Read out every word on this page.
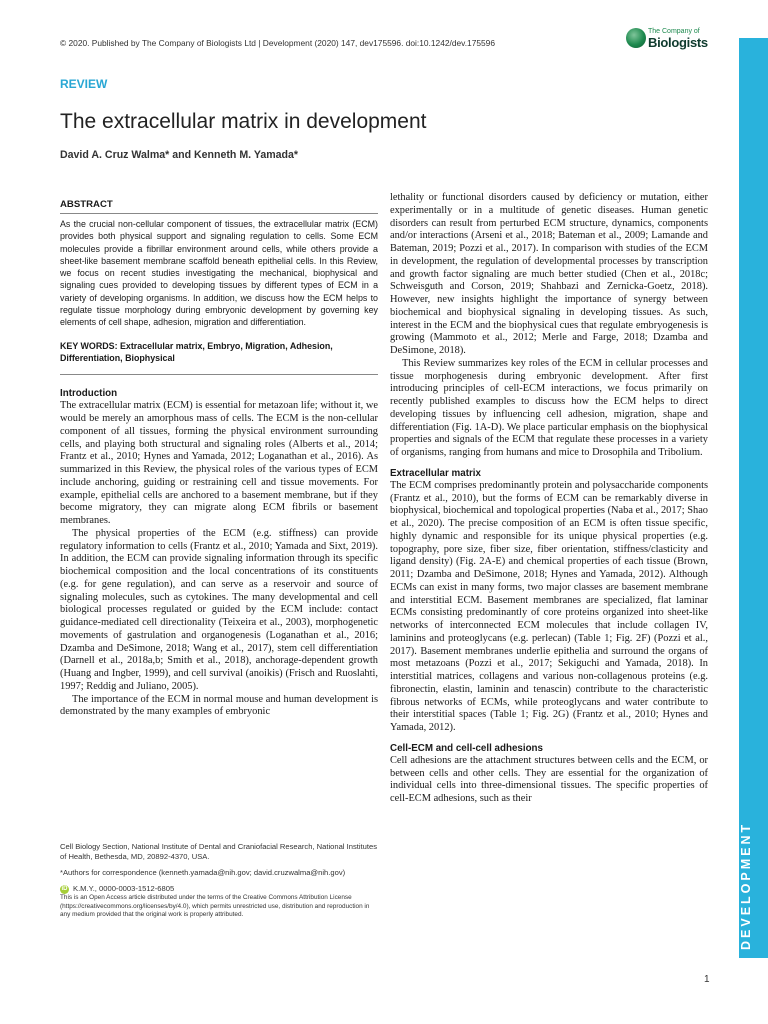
© 2020. Published by The Company of Biologists Ltd | Development (2020) 147, dev175596. doi:10.1242/dev.175596
The Company of
Biologists
REVIEW
The extracellular matrix in development
David A. Cruz Walma* and Kenneth M. Yamada*
ABSTRACT

As the crucial non-cellular component of tissues, the extracellular matrix (ECM) provides both physical support and signaling regulation to cells. Some ECM molecules provide a fibrillar environment around cells, while others provide a sheet-like basement membrane scaffold beneath epithelial cells. In this Review, we focus on recent studies investigating the mechanical, biophysical and signaling cues provided to developing tissues by different types of ECM in a variety of developing organisms. In addition, we discuss how the ECM helps to regulate tissue morphology during embryonic development by governing key elements of cell shape, adhesion, migration and differentiation.

KEY WORDS: Extracellular matrix, Embryo, Migration, Adhesion, Differentiation, Biophysical

Introduction

The extracellular matrix (ECM) is essential for metazoan life; without it, we would be merely an amorphous mass of cells. The ECM is the non-cellular component of all tissues, forming the physical environment surrounding cells, and playing both structural and signaling roles (Alberts et al., 2014; Frantz et al., 2010; Hynes and Yamada, 2012; Loganathan et al., 2016). As summarized in this Review, the physical roles of the various types of ECM include anchoring, guiding or restraining cell and tissue movements. For example, epithelial cells are anchored to a basement membrane, but if they become migratory, they can migrate along ECM fibrils or basement membranes.

The physical properties of the ECM (e.g. stiffness) can provide regulatory information to cells (Frantz et al., 2010; Yamada and Sixt, 2019). In addition, the ECM can provide signaling information through its specific biochemical composition and the local concentrations of its constituents (e.g. for gene regulation), and can serve as a reservoir and source of signaling molecules, such as cytokines. The many developmental and cell biological processes regulated or guided by the ECM include: contact guidance-mediated cell directionality (Teixeira et al., 2003), morphogenetic movements of gastrulation and organogenesis (Loganathan et al., 2016; Dzamba and DeSimone, 2018; Wang et al., 2017), stem cell differentiation (Darnell et al., 2018a,b; Smith et al., 2018), anchorage-dependent growth (Huang and Ingber, 1999), and cell survival (anoikis) (Frisch and Ruoslahti, 1997; Reddig and Juliano, 2005).

The importance of the ECM in normal mouse and human development is demonstrated by the many examples of embryonic

Cell Biology Section, National Institute of Dental and Craniofacial Research, National Institutes of Health, Bethesda, MD, 20892-4370, USA.

*Authors for correspondence (kenneth.yamada@nih.gov; david.cruzwalma@nih.gov)

iD K.M.Y., 0000-0003-1512-6805

This is an Open Access article distributed under the terms of the Creative Commons Attribution License (https://creativecommons.org/licenses/by/4.0), which permits unrestricted use, distribution and reproduction in any medium provided that the original work is properly attributed.

lethality or functional disorders caused by deficiency or mutation, either experimentally or in a multitude of genetic diseases. Human genetic disorders can result from perturbed ECM structure, dynamics, components and/or interactions (Arseni et al., 2018; Bateman et al., 2009; Lamande and Bateman, 2019; Pozzi et al., 2017). In comparison with studies of the ECM in development, the regulation of developmental processes by transcription and growth factor signaling are much better studied (Chen et al., 2018c; Schweisguth and Corson, 2019; Shahbazi and Zernicka-Goetz, 2018). However, new insights highlight the importance of synergy between biochemical and biophysical signaling in developing tissues. As such, interest in the ECM and the biophysical cues that regulate embryogenesis is growing (Mammoto et al., 2012; Merle and Farge, 2018; Dzamba and DeSimone, 2018).

This Review summarizes key roles of the ECM in cellular processes and tissue morphogenesis during embryonic development. After first introducing principles of cell-ECM interactions, we focus primarily on recently published examples to discuss how the ECM helps to direct developing tissues by influencing cell adhesion, migration, shape and differentiation (Fig. 1A-D). We place particular emphasis on the biophysical properties and signals of the ECM that regulate these processes in a variety of organisms, ranging from humans and mice to Drosophila and Tribolium.

Extracellular matrix

The ECM comprises predominantly protein and polysaccharide components (Frantz et al., 2010), but the forms of ECM can be remarkably diverse in biophysical, biochemical and topological properties (Naba et al., 2017; Shao et al., 2020). The precise composition of an ECM is often tissue specific, highly dynamic and responsible for its unique physical properties (e.g. topography, pore size, fiber size, fiber orientation, stiffness/clasticity and ligand density) (Fig. 2A-E) and chemical properties of each tissue (Brown, 2011; Dzamba and DeSimone, 2018; Hynes and Yamada, 2012). Although ECMs can exist in many forms, two major classes are basement membrane and interstitial ECM. Basement membranes are specialized, flat laminar ECMs consisting predominantly of core proteins organized into sheet-like networks of interconnected ECM molecules that include collagen IV, laminins and proteoglycans (e.g. perlecan) (Table 1; Fig. 2F) (Pozzi et al., 2017). Basement membranes underlie epithelia and surround the organs of most metazoans (Pozzi et al., 2017; Sekiguchi and Yamada, 2018). In interstitial matrices, collagens and various non-collagenous proteins (e.g. fibronectin, elastin, laminin and tenascin) contribute to the characteristic fibrous networks of ECMs, while proteoglycans and water contribute to their interstitial spaces (Table 1; Fig. 2G) (Frantz et al., 2010; Hynes and Yamada, 2012).

Cell-ECM and cell-cell adhesions

Cell adhesions are the attachment structures between cells and the ECM, or between cells and other cells. They are essential for the organization of individual cells into three-dimensional tissues. The specific properties of cell-ECM adhesions, such as their

1
